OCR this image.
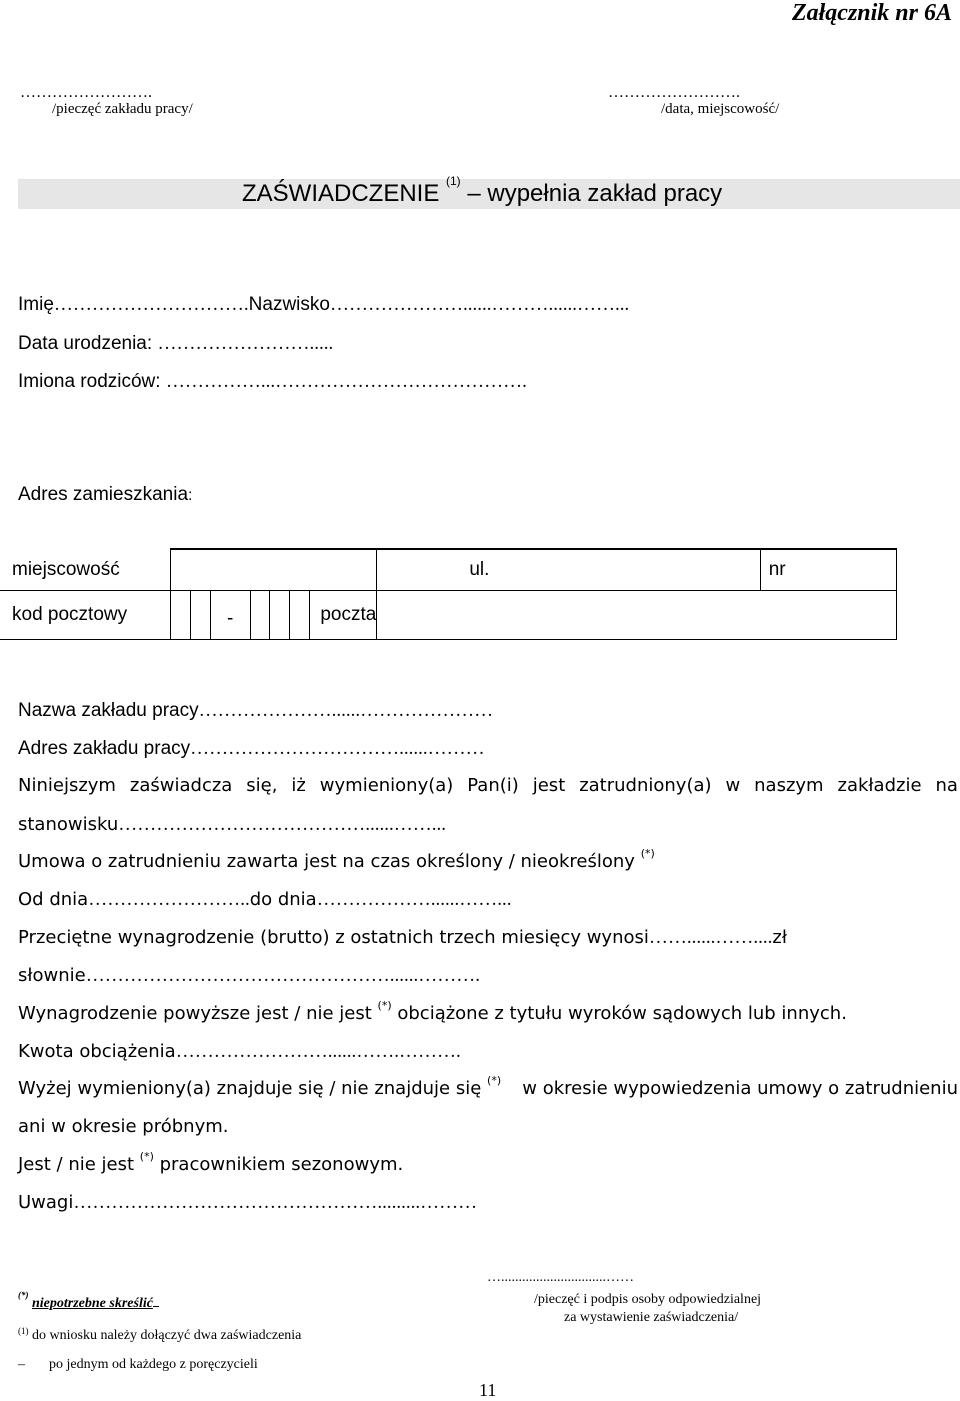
Załącznik nr 6A
…………………….
/pieczęć zakładu pracy/
…………………….
/data, miejscowość/
ZAŚWIADCZENIE $^{(1)}$ – wypełnia zakład pracy
Imię………………………….Nazwisko…………………......………......……...
Data urodzenia: …………………….....
Imiona rodziców: ……………...………………………………….
Adres zamieszkania:
miejscowość								ul.	nr
kod pocztowy			-				poczta		
Nazwa zakładu pracy…………………......…………………
Adres zakładu pracy……………………………......………
Niniejszym zaświadcza się, iż wymieniony(a) Pan(i) jest zatrudniony(a) w naszym zakładzie na
stanowisku…………………………………......……...
Umowa o zatrudnieniu zawarta jest na czas określony / nieokreślony (*)
Od dnia……………………..do dnia………………......……...
Przeciętne wynagrodzenie (brutto) z ostatnich trzech miesięcy wynosi……......……....zł
słownie…………………………………………......……….
Wynagrodzenie powyższe jest / nie jest (*) obciążone z tytułu wyroków sądowych lub innych.
Kwota obciążenia……………………......…….……….
Wyżej wymieniony(a) znajduje się / nie znajduje się (*) w okresie wypowiedzenia umowy o zatrudnieniu
ani w okresie próbnym.
Jest / nie jest (*) pracownikiem sezonowym.
Uwagi………………………………………….........………
(*) niepotrzebne skreślić
$^{(1)}$ do wniosku należy dołączyć dwa zaświadczenia
– po jednym od każdego z poręczycieli
…..............................……
/pieczęć i podpis osoby odpowiedzialnej
za wystawienie zaświadczenia/
11
